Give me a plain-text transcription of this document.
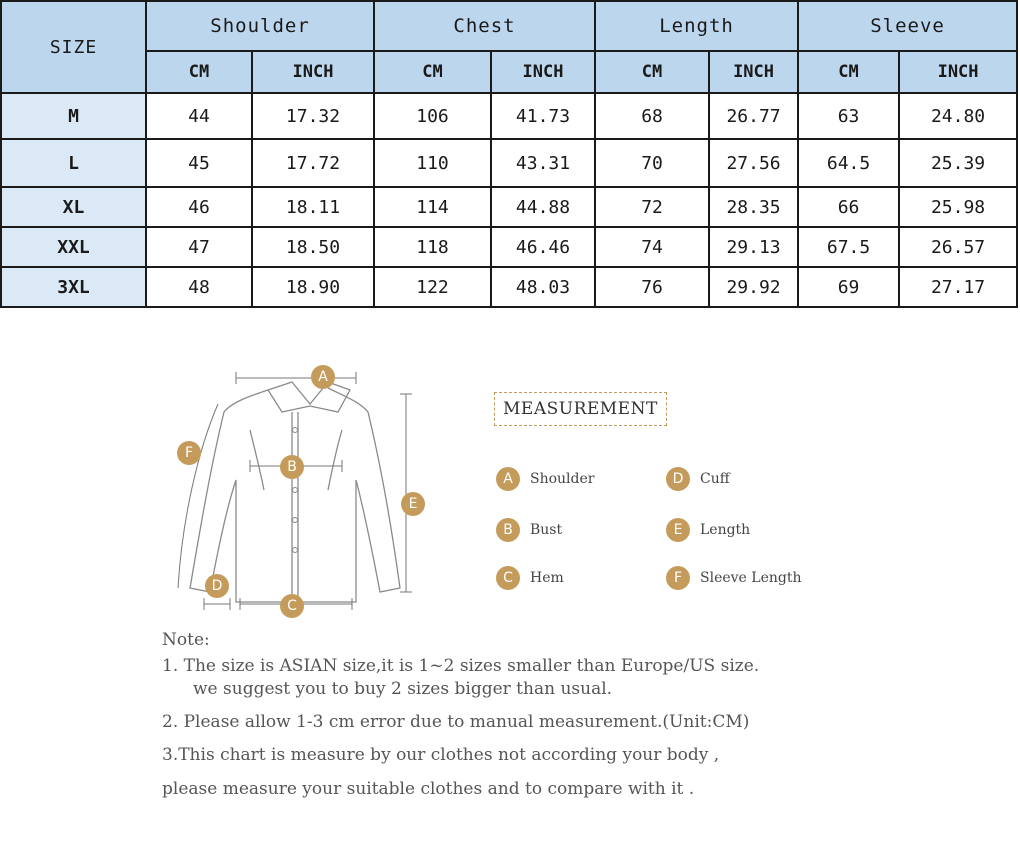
SIZE	Shoulder		Chest		Length		Sleeve	
	CM	INCH	CM	INCH	CM	INCH	CM	INCH
M	44	17.32	106	41.73	68	26.77	63	24.80
L	45	17.72	110	43.31	70	27.56	64.5	25.39
XL	46	18.11	114	44.88	72	28.35	66	25.98
XXL	47	18.50	118	46.46	74	29.13	67.5	26.57
3XL	48	18.90	122	48.03	76	29.92	69	27.17
A
B
C
D
E
F
MEASUREMENT
A	Shoulder
B	Bust
C	Hem
D	Cuff
E	Length
F	Sleeve Length
Note:
1. The size is ASIAN size,it is 1~2 sizes smaller than Europe/US size.
we suggest you to buy 2 sizes bigger than usual.
2. Please allow 1-3 cm error due to manual measurement.(Unit:CM)
3.This chart is measure by our clothes not according your body ,
please measure your suitable clothes and to compare with it .
